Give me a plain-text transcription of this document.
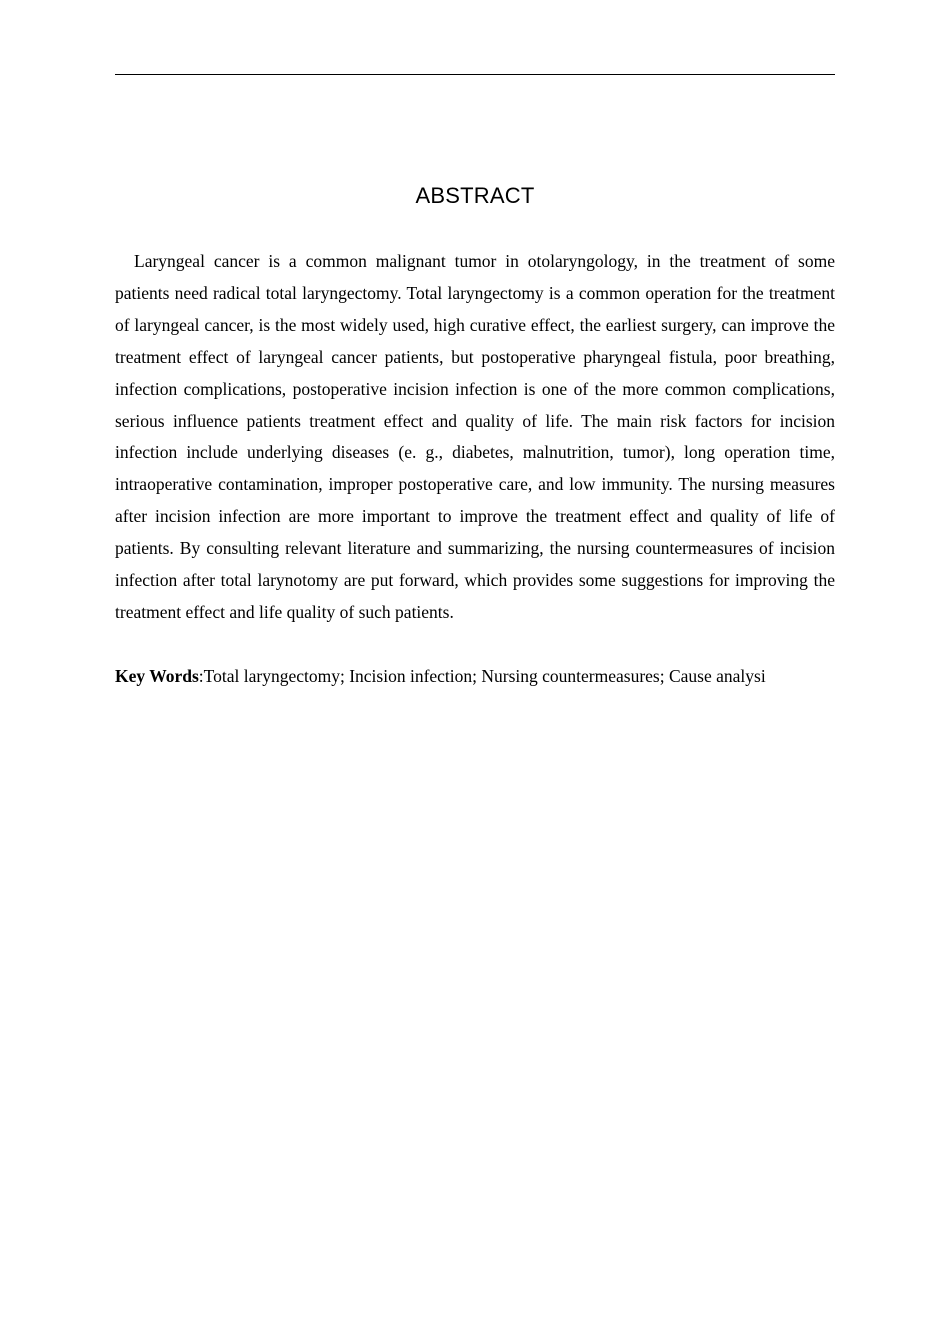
ABSTRACT

Laryngeal cancer is a common malignant tumor in otolaryngology, in the treatment of some patients need radical total laryngectomy. Total laryngectomy is a common operation for the treatment of laryngeal cancer, is the most widely used, high curative effect, the earliest surgery, can improve the treatment effect of laryngeal cancer patients, but postoperative pharyngeal fistula, poor breathing, infection complications, postoperative incision infection is one of the more common complications, serious influence patients treatment effect and quality of life. The main risk factors for incision infection include underlying diseases (e. g., diabetes, malnutrition, tumor), long operation time, intraoperative contamination, improper postoperative care, and low immunity. The nursing measures after incision infection are more important to improve the treatment effect and quality of life of patients. By consulting relevant literature and summarizing, the nursing countermeasures of incision infection after total larynotomy are put forward, which provides some suggestions for improving the treatment effect and life quality of such patients.

Key Words:Total laryngectomy; Incision infection; Nursing countermeasures; Cause analysi
